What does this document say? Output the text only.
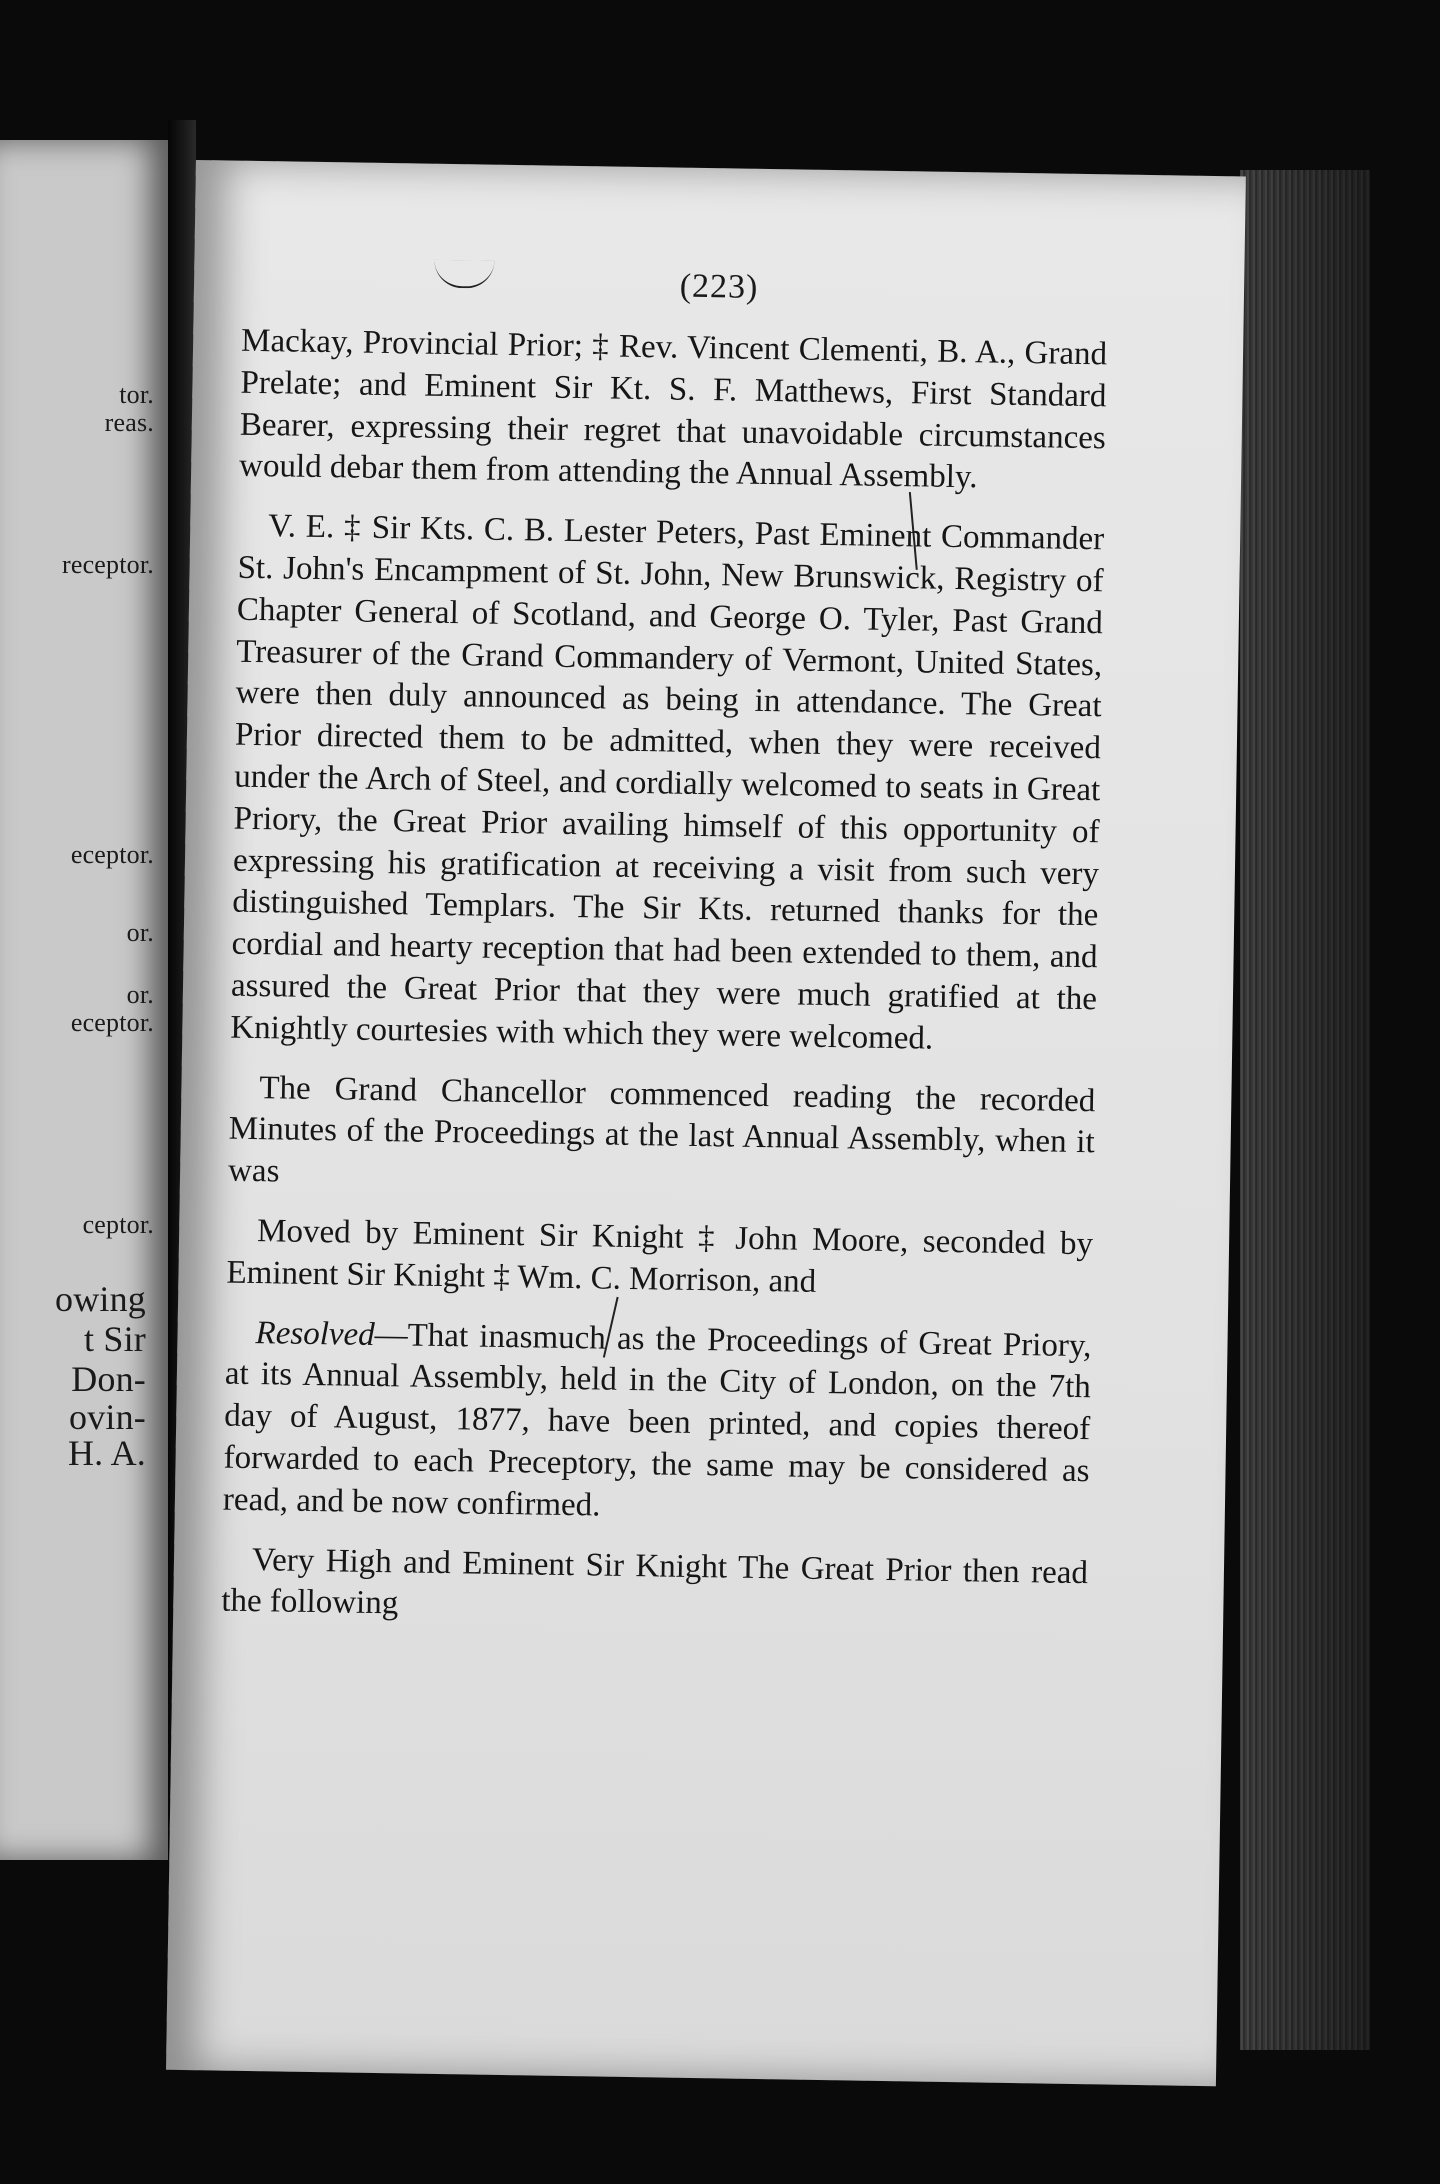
tor.
reas.
receptor.
eceptor.
or.
or.
eceptor.
ceptor.
owing
t Sir
Don-
ovin-
H. A.
(223)

Mackay, Provincial Prior; ‡ Rev. Vincent Clementi, B. A., Grand Prelate; and Eminent Sir Kt. S. F. Matthews, First Standard Bearer, expressing their regret that unavoidable circumstances would debar them from attending the Annual Assembly.

V. E. ‡ Sir Kts. C. B. Lester Peters, Past Eminent Commander St. John's Encampment of St. John, New Brunswick, Registry of Chapter General of Scotland, and George O. Tyler, Past Grand Treasurer of the Grand Commandery of Vermont, United States, were then duly announced as being in attendance. The Great Prior directed them to be admitted, when they were received under the Arch of Steel, and cordially welcomed to seats in Great Priory, the Great Prior availing himself of this opportunity of expressing his gratification at receiving a visit from such very distinguished Templars. The Sir Kts. returned thanks for the cordial and hearty reception that had been extended to them, and assured the Great Prior that they were much gratified at the Knightly courtesies with which they were welcomed.

The Grand Chancellor commenced reading the recorded Minutes of the Proceedings at the last Annual Assembly, when it was

Moved by Eminent Sir Knight ‡ John Moore, seconded by Eminent Sir Knight ‡ Wm. C. Morrison, and

Resolved—That inasmuch as the Proceedings of Great Priory, at its Annual Assembly, held in the City of London, on the 7th day of August, 1877, have been printed, and copies thereof forwarded to each Preceptory, the same may be considered as read, and be now confirmed.

Very High and Eminent Sir Knight The Great Prior then read the following
